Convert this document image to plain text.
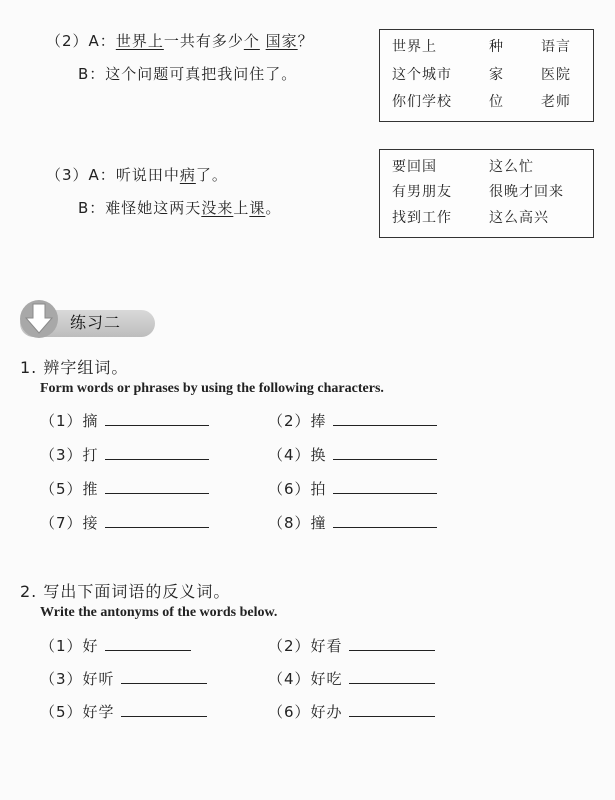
（2）A：世界上一共有多少个 国家？
B：这个问题可真把我问住了。
（3）A：听说田中病了。
B：难怪她这两天没来上课。
世界上	种	语言
这个城市	家	医院
你们学校	位	老师
要回国	这么忙
有男朋友	很晚才回来
找到工作	这么高兴
练习二
1. 辨字组词。
Form words or phrases by using the following characters.
（1）摘	（2）捧
（3）打	（4）换
（5）推	（6）拍
（7）接	（8）撞
2. 写出下面词语的反义词。
Write the antonyms of the words below.
（1）好	（2）好看
（3）好听	（4）好吃
（5）好学	（6）好办
